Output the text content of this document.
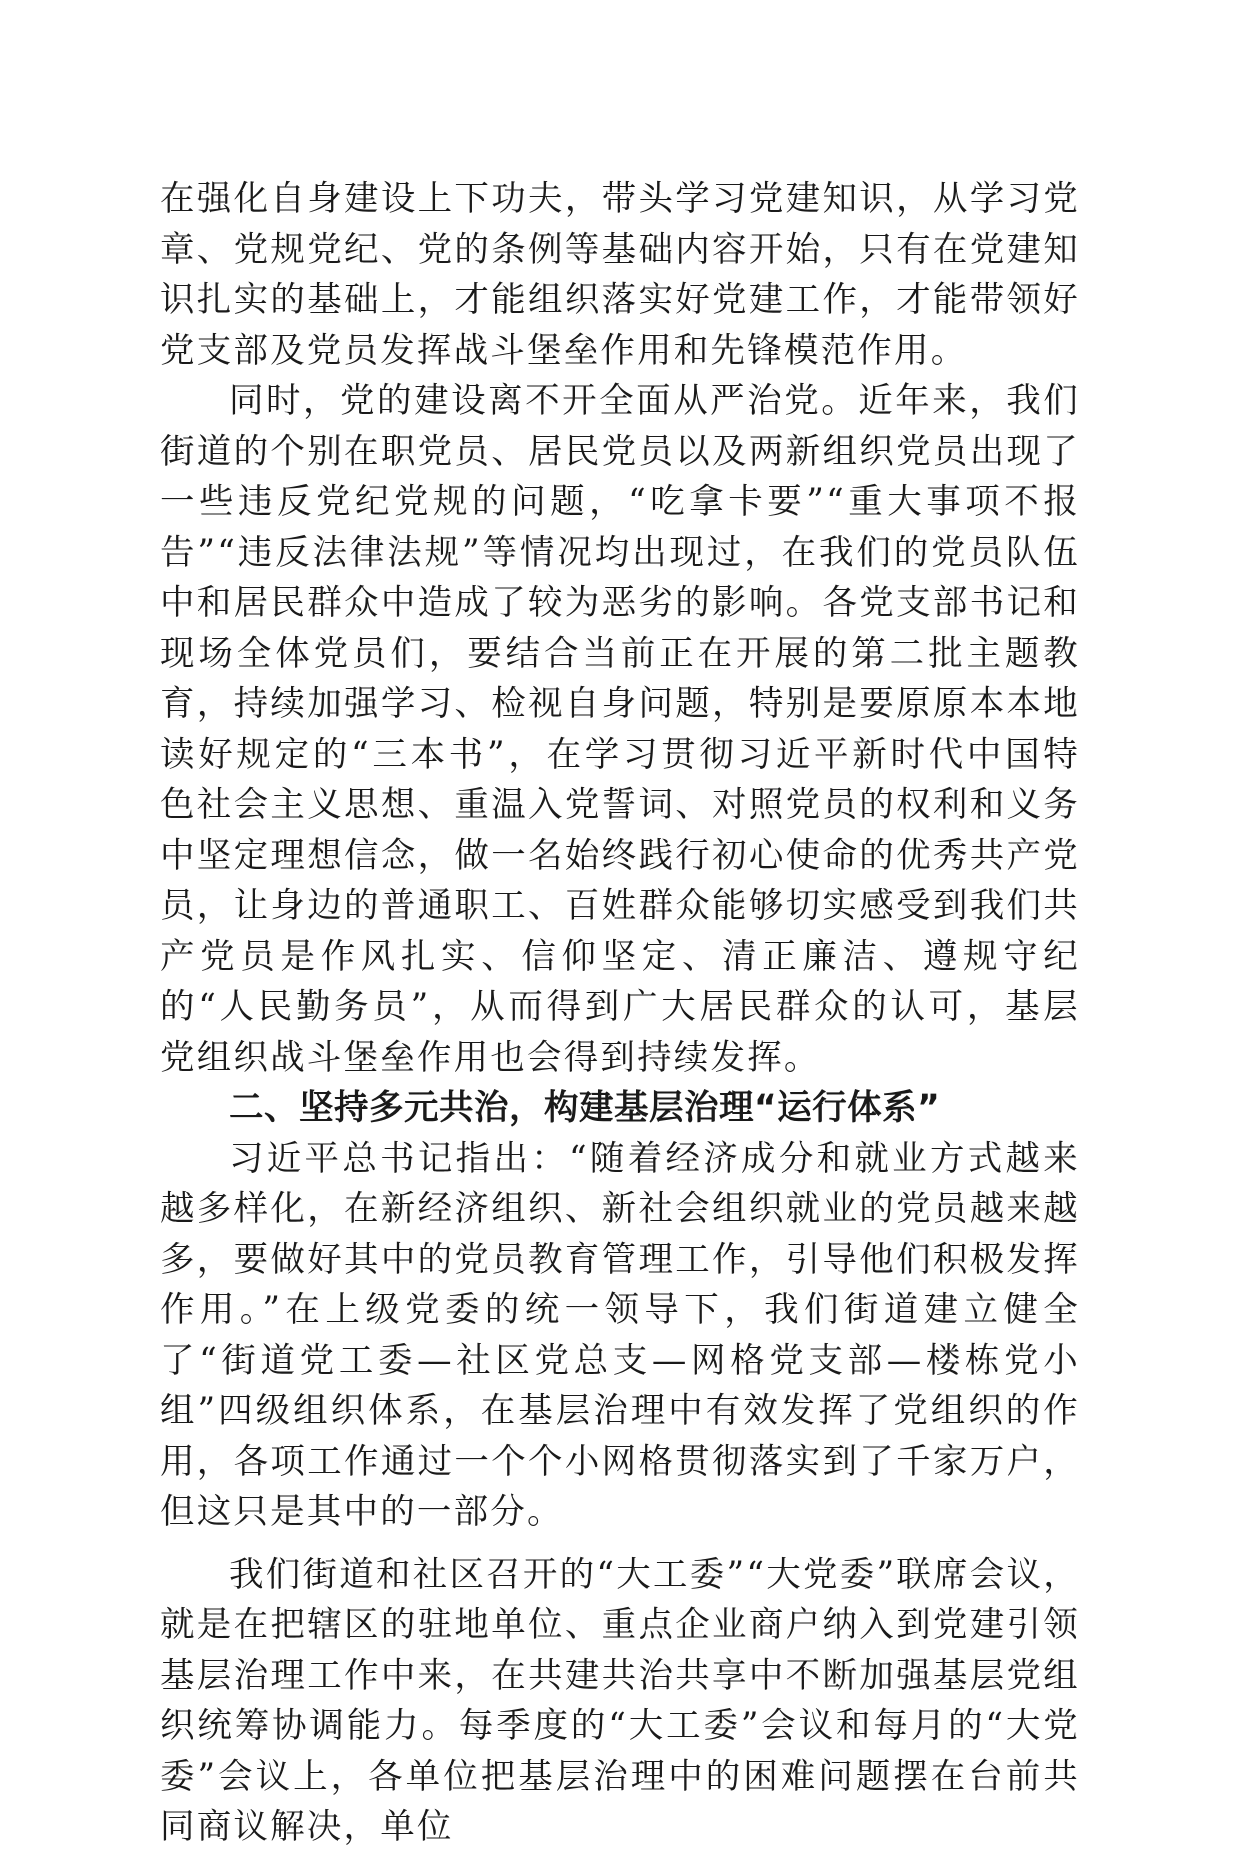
在强化自身建设上下功夫，带头学习党建知识，从学习党章、党规党纪、党的条例等基础内容开始，只有在党建知识扎实的基础上，才能组织落实好党建工作，才能带领好党支部及党员发挥战斗堡垒作用和先锋模范作用。

同时，党的建设离不开全面从严治党。近年来，我们街道的个别在职党员、居民党员以及两新组织党员出现了一些违反党纪党规的问题，“吃拿卡要”“重大事项不报告”“违反法律法规”等情况均出现过，在我们的党员队伍中和居民群众中造成了较为恶劣的影响。各党支部书记和现场全体党员们，要结合当前正在开展的第二批主题教育，持续加强学习、检视自身问题，特别是要原原本本地读好规定的“三本书”，在学习贯彻习近平新时代中国特色社会主义思想、重温入党誓词、对照党员的权利和义务中坚定理想信念，做一名始终践行初心使命的优秀共产党员，让身边的普通职工、百姓群众能够切实感受到我们共产党员是作风扎实、信仰坚定、清正廉洁、遵规守纪的“人民勤务员”，从而得到广大居民群众的认可，基层党组织战斗堡垒作用也会得到持续发挥。

二、坚持多元共治，构建基层治理“运行体系”

习近平总书记指出：“随着经济成分和就业方式越来越多样化，在新经济组织、新社会组织就业的党员越来越多，要做好其中的党员教育管理工作，引导他们积极发挥作用。”在上级党委的统一领导下，我们街道建立健全了“街道党工委—社区党总支—网格党支部—楼栋党小组”四级组织体系，在基层治理中有效发挥了党组织的作用，各项工作通过一个个小网格贯彻落实到了千家万户，但这只是其中的一部分。

我们街道和社区召开的“大工委”“大党委”联席会议，就是在把辖区的驻地单位、重点企业商户纳入到党建引领基层治理工作中来，在共建共治共享中不断加强基层党组织统筹协调能力。每季度的“大工委”会议和每月的“大党委”会议上，各单位把基层治理中的困难问题摆在台前共同商议解决，单位
